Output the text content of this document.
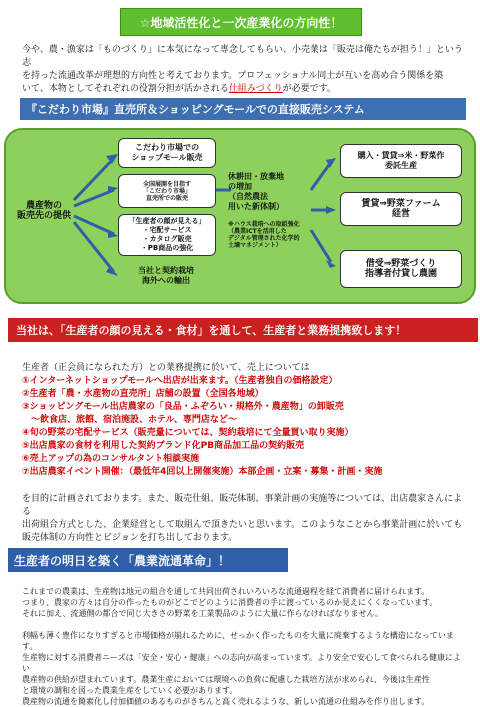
☆地域活性化と一次産業化の方向性！
今や、農・漁家は「ものづくり」に本気になって専念してもらい、小売業は「販売は俺たちが担う！」という志
を持った流通改革が理想的方向性と考えております。プロフェッショナル同士が互いを高め合う関係を築
いて、本物としてそれぞれの役割分担が活かされる仕組みづくりが必要です。
『こだわり市場』直売所＆ショッピングモールでの直接販売システム
農産物の
販売先の提供
こだわり市場での
ショップモール販売
全国展開を目指す
「こだわり市場」
直売所での販売
「生産者の顔が見える」
・宅配サービス
・カタログ販売
・PB商品の強化
当社と契約栽培
海外への輸出
休耕田・放棄地
の増加
（自然農法
用いた新体制）
※ハウス栽培への取組強化
（農業ICTを活用した
デジタル管理された化学的
土壌マネジメント）
購入・賃貸⇒米・野菜作
委託生産
賃貸⇒野菜ファーム
経営
借受⇒野菜づくり
指導者付貸し農園
当社は、「生産者の顔の見える・食材」を通して、生産者と業務提携致します！
生産者（正会員になられた方）との業務提携に於いて、売上については
①インターネットショップモールへ出店が出来ます。（生産者独自の価格設定）
②生産者「農・水産物の直売所」店舗の設置（全国各地域）
③ショッピングモール出店農家の「良品・ふぞろい・規格外・農産物」の卸販売
　～飲食店、旅館、宿泊施設、ホテル、専門店など～
④旬の野菜の宅配サービス（販売量については、契約栽培にて全量買い取り実施）
⑤出店農家の食材を利用した契約ブランド化PB商品加工品の契約販売
⑥売上アップの為のコンサルタント相談実施
⑦出店農家イベント開催：（最低年4回以上開催実施）本部企画・立案・募集・計画・実施
を目的に計画されております。また、販売仕組、販売体制、事業計画の実施等については、出店農家さんによる
出荷組合方式とした、企業経営として取組んで頂きたいと思います。このようなことから事業計画に於いても
販売体制の方向性とビジョンを打ち出しております。
生産者の明日を築く「農業流通革命」！
これまでの農業は、生産物は地元の組合を通して共同出荷されいろいろな流通過程を経て消費者に届けられます。
つまり、農家の方々は自分の作ったものがどこでどのように消費者の手に渡っているのか見えにくくなっています。
それに加え、流通側の都合で同じ大きさの野菜を工業製品のように大量に作らなければなりません。
利幅も薄く豊作になりすぎると市場価格が崩れるために、せっかく作ったものを大量に廃棄するような構造になっています。
生産物に対する消費者ニーズは「安全・安心・健康」への志向が高まっています。より安全で安心して食べられる健康によい
農産物の供給が望まれています。農業生産においては環境への負荷に配慮した栽培方法が求められ、今後は生産性
と環境の調和を図った農業生産をしていく必要があります。
農産物の流通を簡素化し付加価値のあるものがきちんと高く売れるような、新しい流通の仕組みを作り出します。
